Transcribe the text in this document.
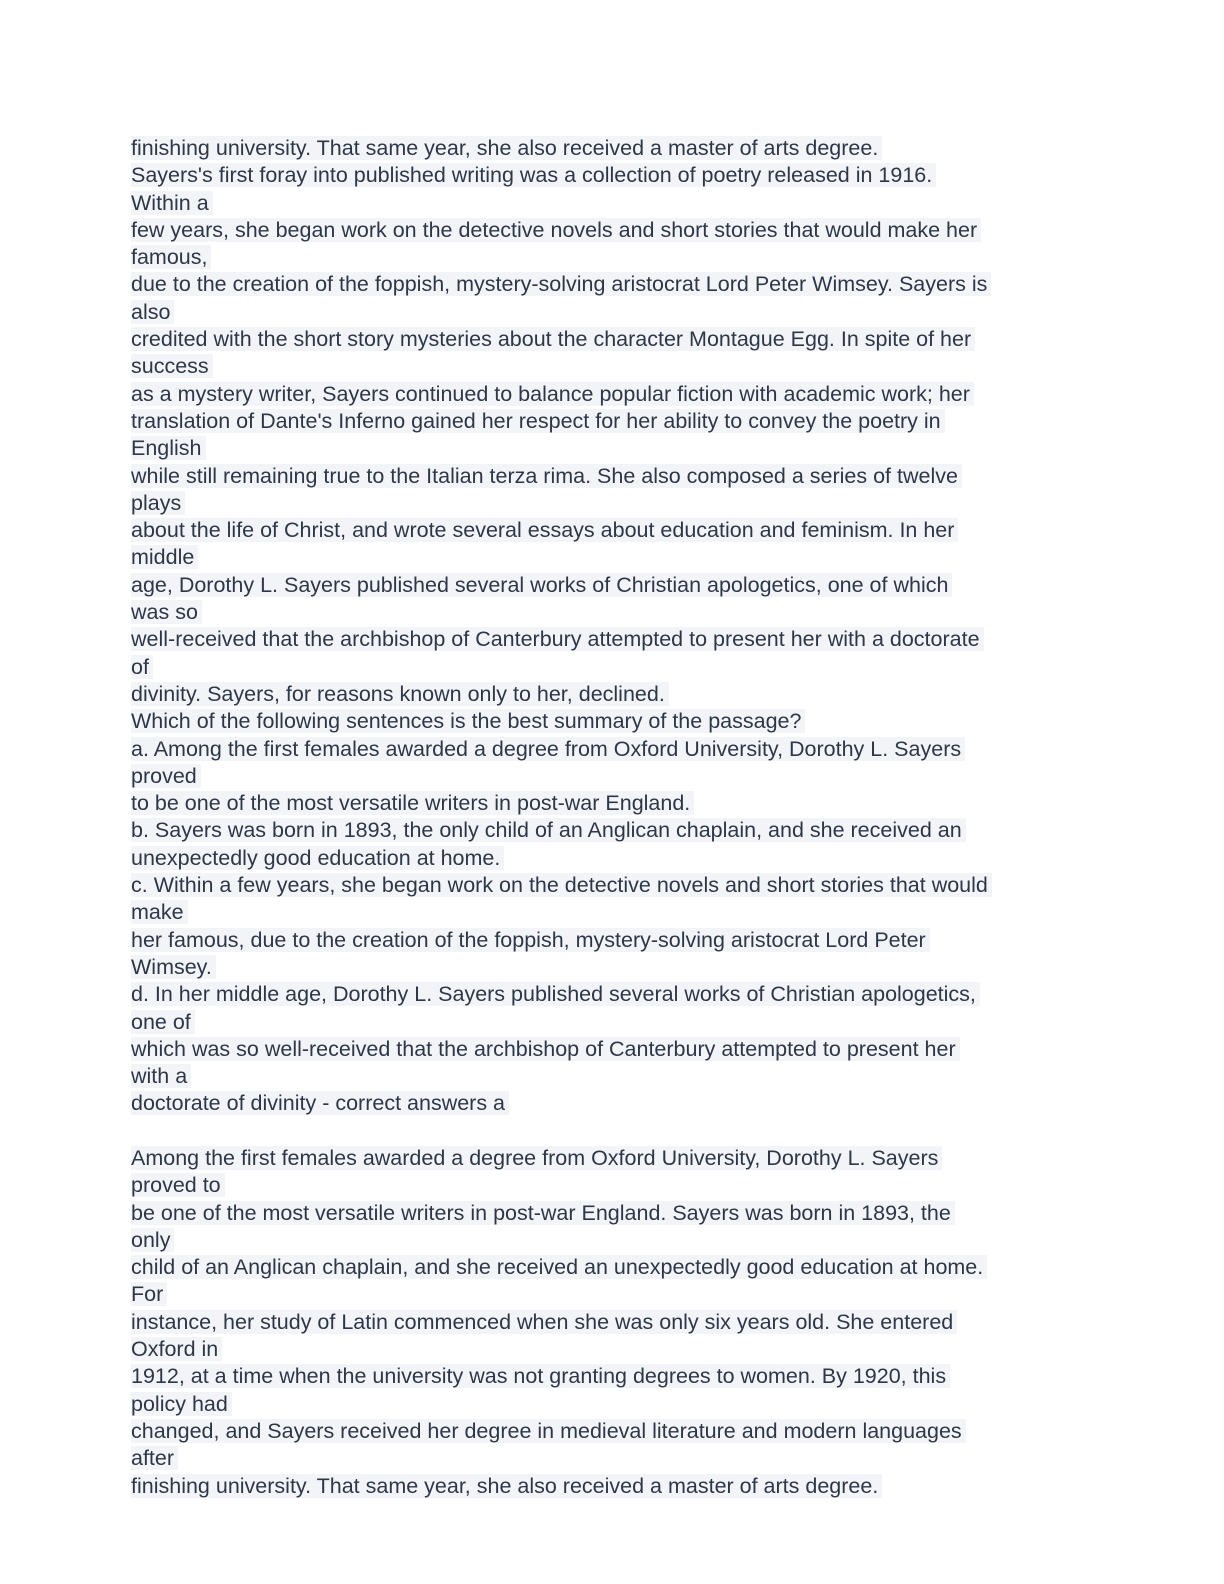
finishing university. That same year, she also received a master of arts degree.
Sayers's first foray into published writing was a collection of poetry released in 1916.
Within a
few years, she began work on the detective novels and short stories that would make her
famous,
due to the creation of the foppish, mystery-solving aristocrat Lord Peter Wimsey. Sayers is
also
credited with the short story mysteries about the character Montague Egg. In spite of her
success
as a mystery writer, Sayers continued to balance popular fiction with academic work; her
translation of Dante's Inferno gained her respect for her ability to convey the poetry in
English
while still remaining true to the Italian terza rima. She also composed a series of twelve
plays
about the life of Christ, and wrote several essays about education and feminism. In her
middle
age, Dorothy L. Sayers published several works of Christian apologetics, one of which
was so
well-received that the archbishop of Canterbury attempted to present her with a doctorate
of
divinity. Sayers, for reasons known only to her, declined.
Which of the following sentences is the best summary of the passage?
a. Among the first females awarded a degree from Oxford University, Dorothy L. Sayers
proved
to be one of the most versatile writers in post-war England.
b. Sayers was born in 1893, the only child of an Anglican chaplain, and she received an
unexpectedly good education at home.
c. Within a few years, she began work on the detective novels and short stories that would
make
her famous, due to the creation of the foppish, mystery-solving aristocrat Lord Peter
Wimsey.
d. In her middle age, Dorothy L. Sayers published several works of Christian apologetics,
one of
which was so well-received that the archbishop of Canterbury attempted to present her
with a
doctorate of divinity - correct answers a
Among the first females awarded a degree from Oxford University, Dorothy L. Sayers
proved to
be one of the most versatile writers in post-war England. Sayers was born in 1893, the
only
child of an Anglican chaplain, and she received an unexpectedly good education at home.
For
instance, her study of Latin commenced when she was only six years old. She entered
Oxford in
1912, at a time when the university was not granting degrees to women. By 1920, this
policy had
changed, and Sayers received her degree in medieval literature and modern languages
after
finishing university. That same year, she also received a master of arts degree.
